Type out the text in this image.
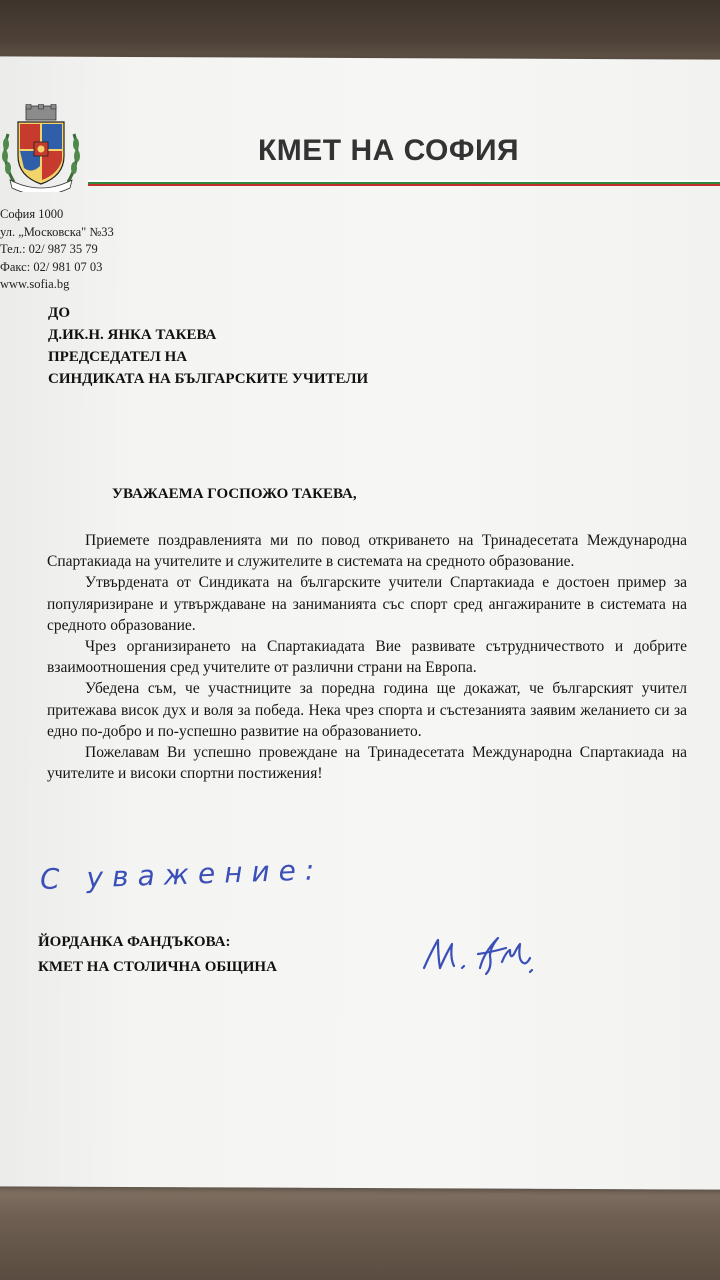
КМЕТ НА СОФИЯ
София 1000
ул. „Московска" №33
Тел.: 02/ 987 35 79
Факс: 02/ 981 07 03
www.sofia.bg
ДО
Д.ИК.Н. ЯНКА ТАКЕВА
ПРЕДСЕДАТЕЛ НА
СИНДИКАТА НА БЪЛГАРСКИТЕ УЧИТЕЛИ
УВАЖАЕМА ГОСПОЖО ТАКЕВА,

Приемете поздравленията ми по повод откриването на Тринадесетата Международна Спартакиада на учителите и служителите в системата на средното образование.

Утвърдената от Синдиката на българските учители Спартакиада е достоен пример за популяризиране и утвърждаване на заниманията със спорт сред ангажираните в системата на средното образование.

Чрез организирането на Спартакиадата Вие развивате сътрудничеството и добрите взаимоотношения сред учителите от различни страни на Европа.

Убедена съм, че участниците за поредна година ще докажат, че българският учител притежава висок дух и воля за победа. Нека чрез спорта и състезанията заявим желанието си за едно по-добро и по-успешно развитие на образованието.

Пожелавам Ви успешно провеждане на Тринадесетата Международна Спартакиада на учителите и високи спортни постижения!

С уважение:
ЙОРДАНКА ФАНДЪКОВА:
КМЕТ НА СТОЛИЧНА ОБЩИНА
